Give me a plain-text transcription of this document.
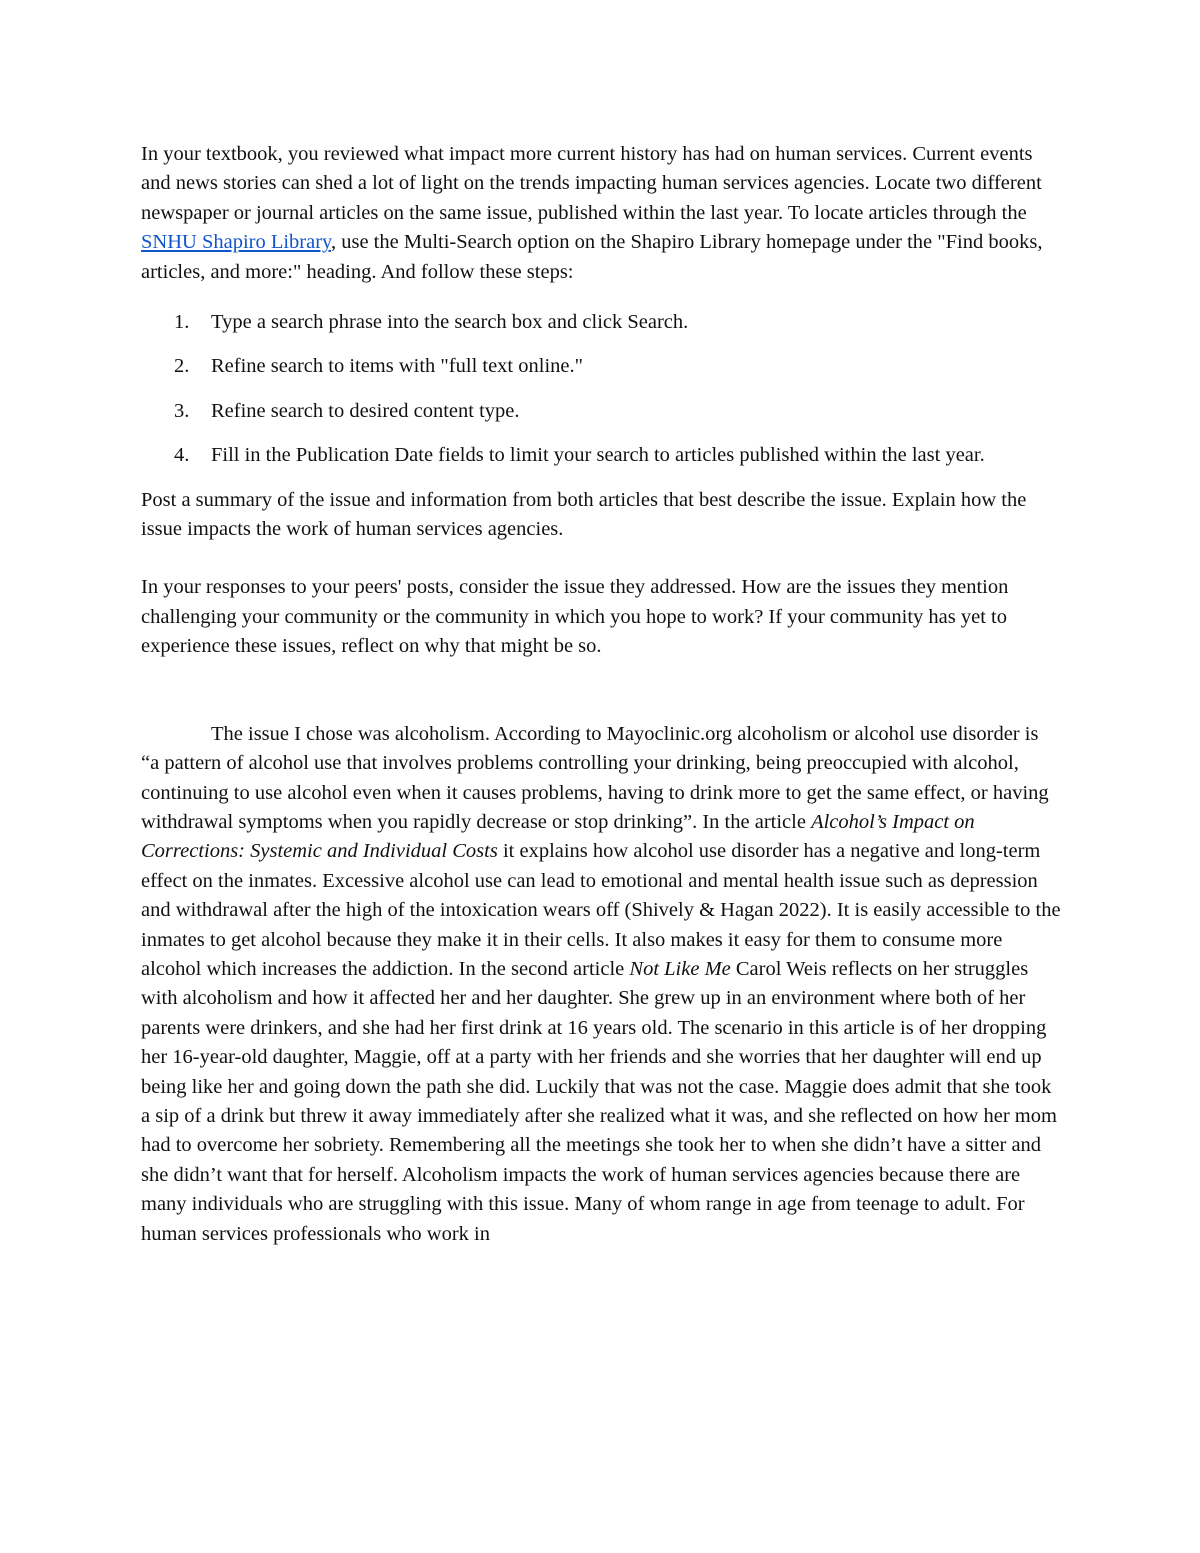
In your textbook, you reviewed what impact more current history has had on human services. Current events and news stories can shed a lot of light on the trends impacting human services agencies. Locate two different newspaper or journal articles on the same issue, published within the last year. To locate articles through the SNHU Shapiro Library, use the Multi-Search option on the Shapiro Library homepage under the "Find books, articles, and more:" heading. And follow these steps:

1. Type a search phrase into the search box and click Search.
2. Refine search to items with "full text online."
3. Refine search to desired content type.
4. Fill in the Publication Date fields to limit your search to articles published within the last year.

Post a summary of the issue and information from both articles that best describe the issue. Explain how the issue impacts the work of human services agencies.

In your responses to your peers' posts, consider the issue they addressed. How are the issues they mention challenging your community or the community in which you hope to work? If your community has yet to experience these issues, reflect on why that might be so.

The issue I chose was alcoholism. According to Mayoclinic.org alcoholism or alcohol use disorder is “a pattern of alcohol use that involves problems controlling your drinking, being preoccupied with alcohol, continuing to use alcohol even when it causes problems, having to drink more to get the same effect, or having withdrawal symptoms when you rapidly decrease or stop drinking”. In the article Alcohol’s Impact on Corrections: Systemic and Individual Costs it explains how alcohol use disorder has a negative and long-term effect on the inmates. Excessive alcohol use can lead to emotional and mental health issue such as depression and withdrawal after the high of the intoxication wears off (Shively & Hagan 2022). It is easily accessible to the inmates to get alcohol because they make it in their cells. It also makes it easy for them to consume more alcohol which increases the addiction. In the second article Not Like Me Carol Weis reflects on her struggles with alcoholism and how it affected her and her daughter. She grew up in an environment where both of her parents were drinkers, and she had her first drink at 16 years old. The scenario in this article is of her dropping her 16-year-old daughter, Maggie, off at a party with her friends and she worries that her daughter will end up being like her and going down the path she did. Luckily that was not the case. Maggie does admit that she took a sip of a drink but threw it away immediately after she realized what it was, and she reflected on how her mom had to overcome her sobriety. Remembering all the meetings she took her to when she didn’t have a sitter and she didn’t want that for herself. Alcoholism impacts the work of human services agencies because there are many individuals who are struggling with this issue. Many of whom range in age from teenage to adult. For human services professionals who work in
